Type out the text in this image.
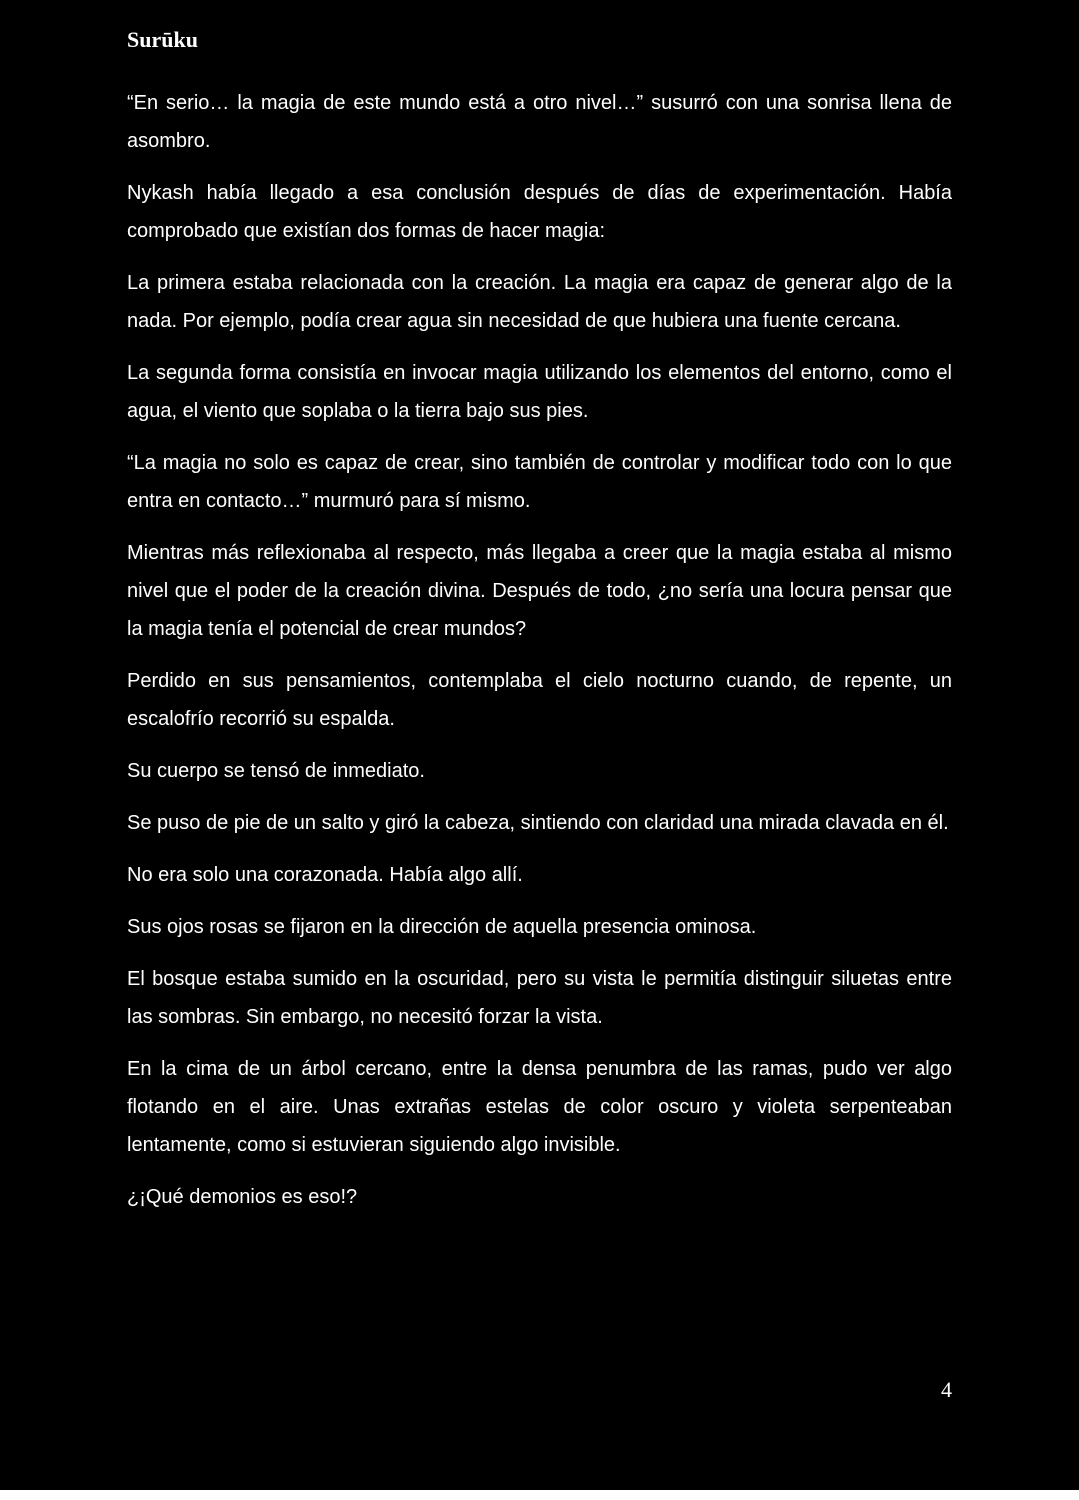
Surūku

“En serio… la magia de este mundo está a otro nivel…” susurró con una sonrisa llena de asombro.

Nykash había llegado a esa conclusión después de días de experimentación. Había comprobado que existían dos formas de hacer magia:

La primera estaba relacionada con la creación. La magia era capaz de generar algo de la nada. Por ejemplo, podía crear agua sin necesidad de que hubiera una fuente cercana.

La segunda forma consistía en invocar magia utilizando los elementos del entorno, como el agua, el viento que soplaba o la tierra bajo sus pies.

“La magia no solo es capaz de crear, sino también de controlar y modificar todo con lo que entra en contacto…” murmuró para sí mismo.

Mientras más reflexionaba al respecto, más llegaba a creer que la magia estaba al mismo nivel que el poder de la creación divina. Después de todo, ¿no sería una locura pensar que la magia tenía el potencial de crear mundos?

Perdido en sus pensamientos, contemplaba el cielo nocturno cuando, de repente, un escalofrío recorrió su espalda.

Su cuerpo se tensó de inmediato.

Se puso de pie de un salto y giró la cabeza, sintiendo con claridad una mirada clavada en él.

No era solo una corazonada. Había algo allí.

Sus ojos rosas se fijaron en la dirección de aquella presencia ominosa.

El bosque estaba sumido en la oscuridad, pero su vista le permitía distinguir siluetas entre las sombras. Sin embargo, no necesitó forzar la vista.

En la cima de un árbol cercano, entre la densa penumbra de las ramas, pudo ver algo flotando en el aire. Unas extrañas estelas de color oscuro y violeta serpenteaban lentamente, como si estuvieran siguiendo algo invisible.

¿¡Qué demonios es eso!?

4
